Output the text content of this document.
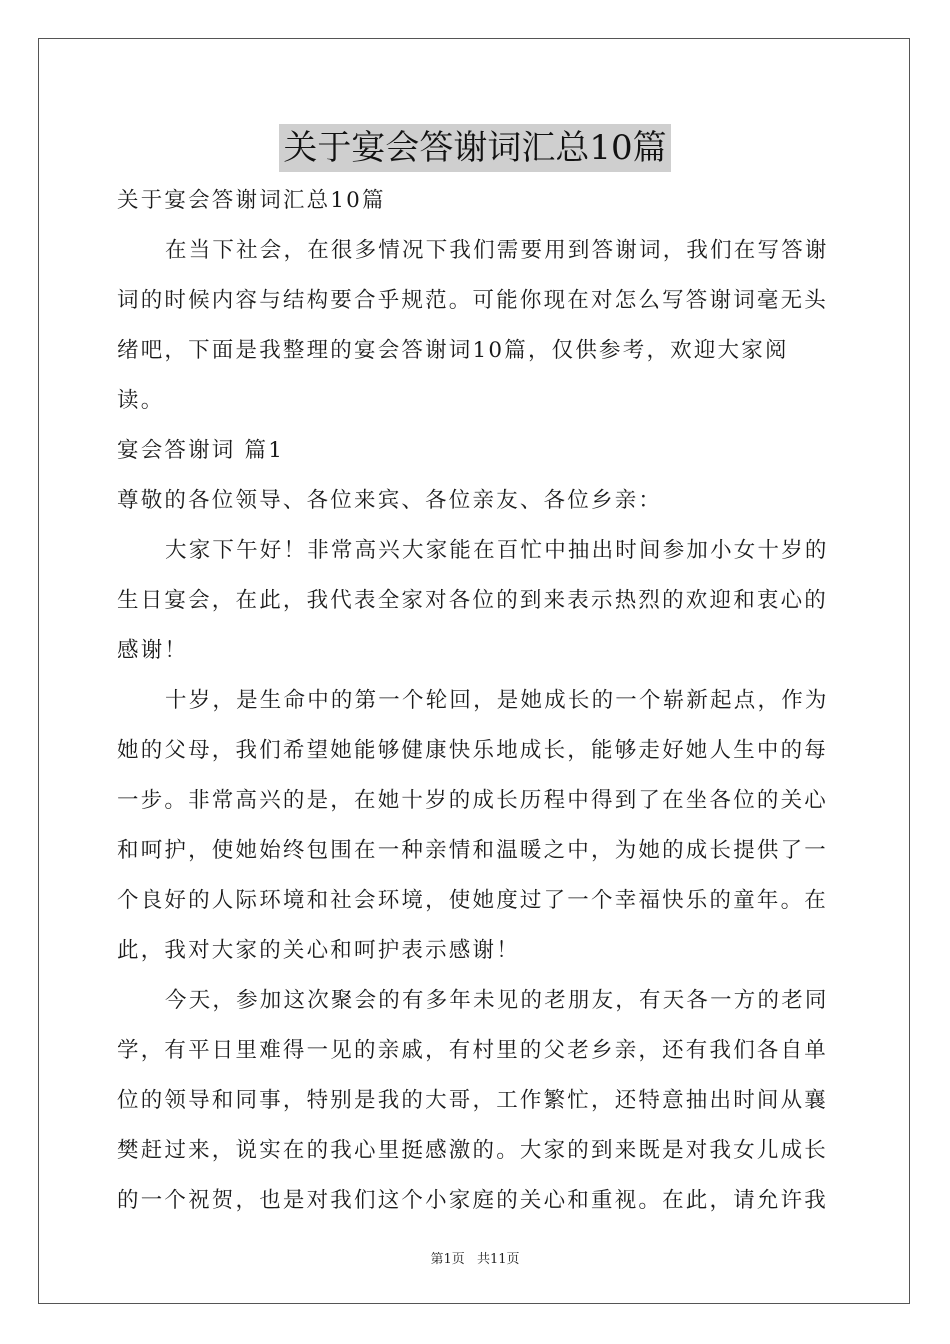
关于宴会答谢词汇总10篇

关于宴会答谢词汇总10篇

在当下社会，在很多情况下我们需要用到答谢词，我们在写答谢词的时候内容与结构要合乎规范。可能你现在对怎么写答谢词毫无头绪吧，下面是我整理的宴会答谢词10篇，仅供参考，欢迎大家阅读。

宴会答谢词 篇1

尊敬的各位领导、各位来宾、各位亲友、各位乡亲：

大家下午好！非常高兴大家能在百忙中抽出时间参加小女十岁的生日宴会，在此，我代表全家对各位的到来表示热烈的欢迎和衷心的感谢！

十岁，是生命中的第一个轮回，是她成长的一个崭新起点，作为她的父母，我们希望她能够健康快乐地成长，能够走好她人生中的每一步。非常高兴的是，在她十岁的成长历程中得到了在坐各位的关心和呵护，使她始终包围在一种亲情和温暖之中，为她的成长提供了一个良好的人际环境和社会环境，使她度过了一个幸福快乐的童年。在此，我对大家的关心和呵护表示感谢！

今天，参加这次聚会的有多年未见的老朋友，有天各一方的老同学，有平日里难得一见的亲戚，有村里的父老乡亲，还有我们各自单位的领导和同事，特别是我的大哥，工作繁忙，还特意抽出时间从襄樊赶过来，说实在的我心里挺感激的。大家的到来既是对我女儿成长的一个祝贺，也是对我们这个小家庭的关心和重视。在此，请允许我

第1页 共11页
